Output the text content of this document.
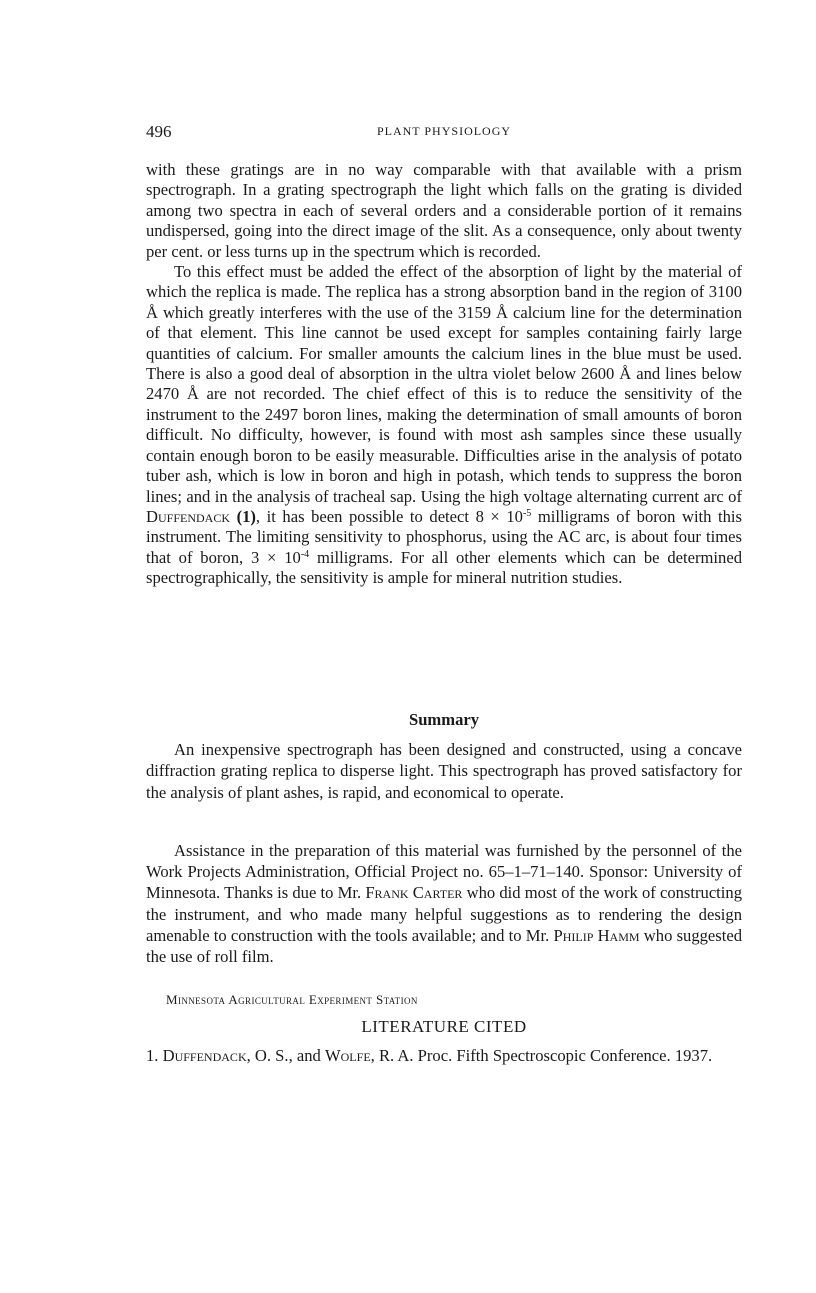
496	PLANT PHYSIOLOGY

with these gratings are in no way comparable with that available with a prism spectrograph. In a grating spectrograph the light which falls on the grating is divided among two spectra in each of several orders and a considerable portion of it remains undispersed, going into the direct image of the slit. As a consequence, only about twenty per cent. or less turns up in the spectrum which is recorded.

To this effect must be added the effect of the absorption of light by the material of which the replica is made. The replica has a strong absorption band in the region of 3100 Å which greatly interferes with the use of the 3159 Å calcium line for the determination of that element. This line cannot be used except for samples containing fairly large quantities of calcium. For smaller amounts the calcium lines in the blue must be used. There is also a good deal of absorption in the ultra violet below 2600 Å and lines below 2470 Å are not recorded. The chief effect of this is to reduce the sensitivity of the instrument to the 2497 boron lines, making the determination of small amounts of boron difficult. No difficulty, however, is found with most ash samples since these usually contain enough boron to be easily measurable. Difficulties arise in the analysis of potato tuber ash, which is low in boron and high in potash, which tends to suppress the boron lines; and in the analysis of tracheal sap. Using the high voltage alternating current arc of Duffendack (1), it has been possible to detect $8 \times 10^{-5}$ milligrams of boron with this instrument. The limiting sensitivity to phosphorus, using the AC arc, is about four times that of boron, $3 \times 10^{-4}$ milligrams. For all other elements which can be determined spectrographically, the sensitivity is ample for mineral nutrition studies.

Summary

An inexpensive spectrograph has been designed and constructed, using a concave diffraction grating replica to disperse light. This spectrograph has proved satisfactory for the analysis of plant ashes, is rapid, and economical to operate.

Assistance in the preparation of this material was furnished by the personnel of the Work Projects Administration, Official Project no. 65–1–71–140. Sponsor: University of Minnesota. Thanks is due to Mr. Frank Carter who did most of the work of constructing the instrument, and who made many helpful suggestions as to rendering the design amenable to construction with the tools available; and to Mr. Philip Hamm who suggested the use of roll film.

Minnesota Agricultural Experiment Station
LITERATURE CITED
1. Duffendack, O. S., and Wolfe, R. A. Proc. Fifth Spectroscopic Conference. 1937.
